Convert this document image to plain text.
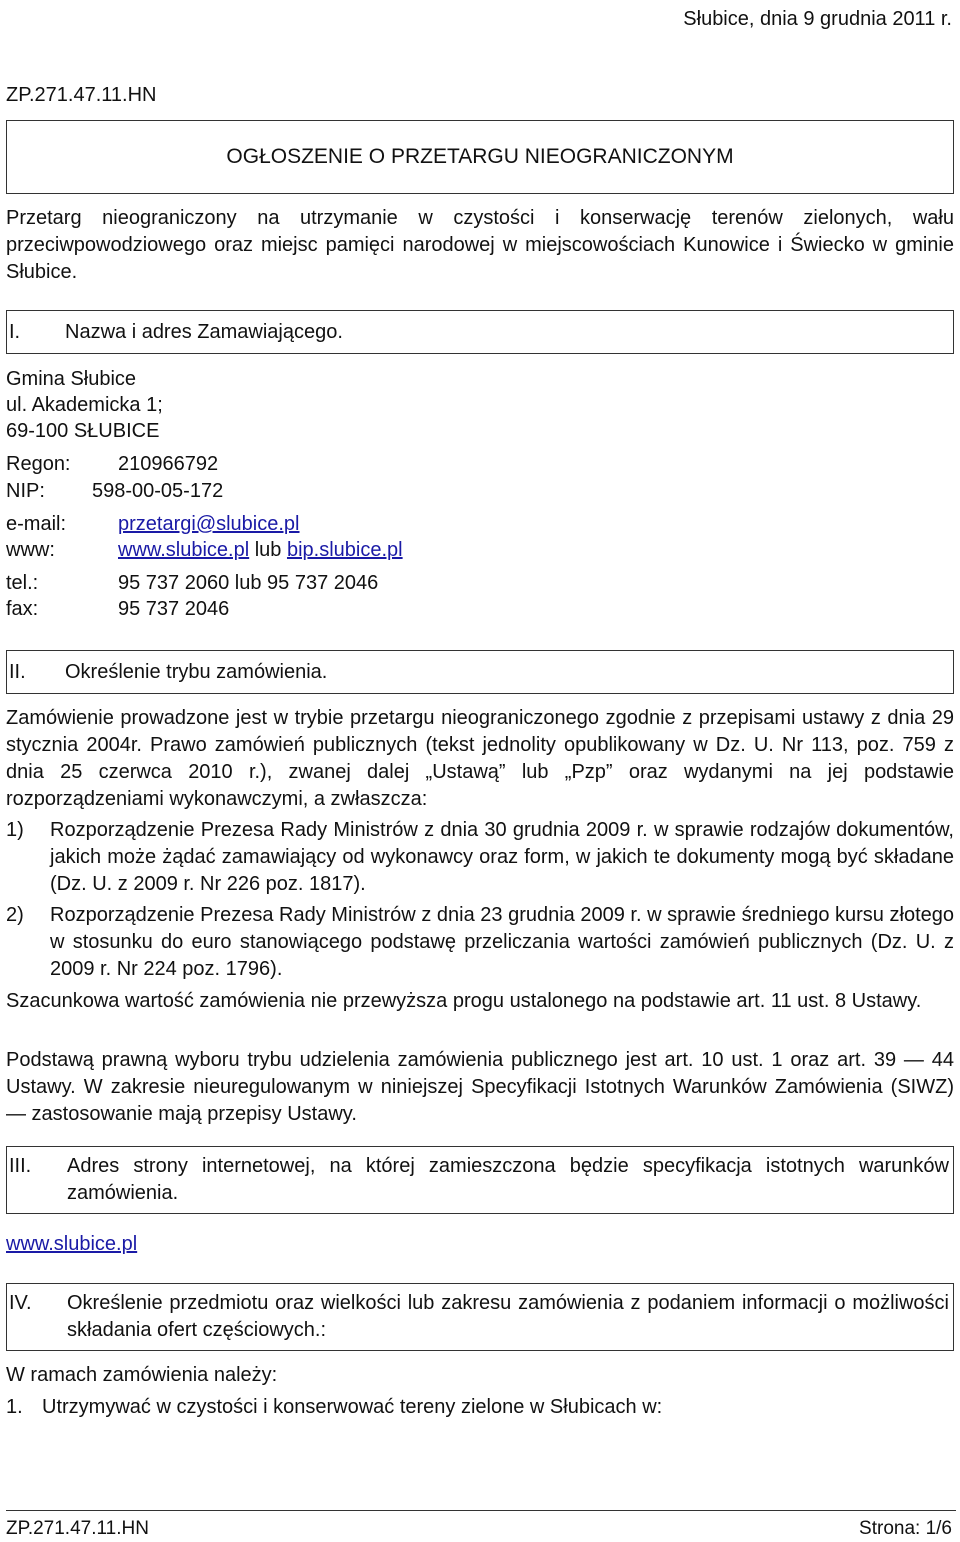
Słubice, dnia 9 grudnia 2011 r.
ZP.271.47.11.HN
OGŁOSZENIE O PRZETARGU NIEOGRANICZONYM
Przetarg nieograniczony na utrzymanie w czystości i konserwację terenów zielonych, wału przeciwpowodziowego oraz miejsc pamięci narodowej w miejscowościach Kunowice i Świecko w gminie Słubice.
I. Nazwa i adres Zamawiającego.
Gmina Słubice
ul. Akademicka 1;
69-100 SŁUBICE
Regon: 210966792
NIP: 598-00-05-172
e-mail:	przetargi@slubice.pl
www:	www.slubice.pl lub bip.slubice.pl
tel.:	95 737 2060 lub 95 737 2046
fax:	95 737 2046
II. Określenie trybu zamówienia.
Zamówienie prowadzone jest w trybie przetargu nieograniczonego zgodnie z przepisami ustawy z dnia 29 stycznia 2004r. Prawo zamówień publicznych (tekst jednolity opublikowany w Dz. U. Nr 113, poz. 759 z dnia 25 czerwca 2010 r.), zwanej dalej „Ustawą” lub „Pzp” oraz wydanymi na jej podstawie rozporządzeniami wykonawczymi, a zwłaszcza:
1) Rozporządzenie Prezesa Rady Ministrów z dnia 30 grudnia 2009 r. w sprawie rodzajów dokumentów, jakich może żądać zamawiający od wykonawcy oraz form, w jakich te dokumenty mogą być składane (Dz. U. z 2009 r. Nr 226 poz. 1817).
2) Rozporządzenie Prezesa Rady Ministrów z dnia 23 grudnia 2009 r. w sprawie średniego kursu złotego w stosunku do euro stanowiącego podstawę przeliczania wartości zamówień publicznych (Dz. U. z 2009 r. Nr 224 poz. 1796).
Szacunkowa wartość zamówienia nie przewyższa progu ustalonego na podstawie art. 11 ust. 8 Ustawy.
Podstawą prawną wyboru trybu udzielenia zamówienia publicznego jest art. 10 ust. 1 oraz art. 39 — 44 Ustawy. W zakresie nieuregulowanym w niniejszej Specyfikacji Istotnych Warunków Zamówienia (SIWZ) — zastosowanie mają przepisy Ustawy.
III.	Adres strony internetowej, na której zamieszczona będzie specyfikacja istotnych warunków zamówienia.
www.slubice.pl
IV.	Określenie przedmiotu oraz wielkości lub zakresu zamówienia z podaniem informacji o możliwości składania ofert częściowych.:
W ramach zamówienia należy:
1. Utrzymywać w czystości i konserwować tereny zielone w Słubicach w:
ZP.271.47.11.HN	Strona: 1/6
